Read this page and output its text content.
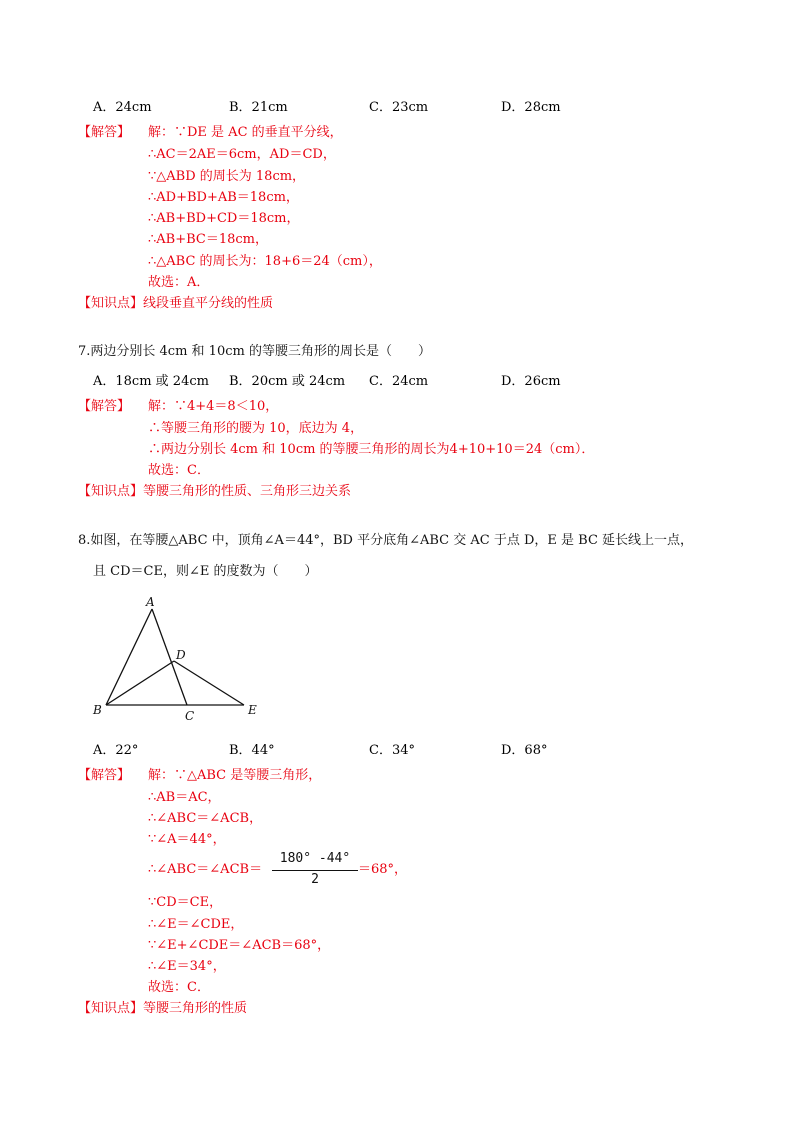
A．24cm	B．21cm	C．23cm	D．28cm
【解答】 解：∵DE 是 AC 的垂直平分线，
∴AC＝2AE＝6cm，AD＝CD，
∵△ABD 的周长为 18cm，
∴AD+BD+AB＝18cm，
∴AB+BD+CD＝18cm，
∴AB+BC＝18cm，
∴△ABC 的周长为：18+6＝24（cm），
故选：A．
【知识点】线段垂直平分线的性质
7.两边分别长 4cm 和 10cm 的等腰三角形的周长是（　　）
A．18cm 或 24cm B．20cm 或 24cm C．24cm	D．26cm
【解答】 解：∵4+4＝8＜10，
∴等腰三角形的腰为 10，底边为 4，
∴两边分别长 4cm 和 10cm 的等腰三角形的周长为4+10+10＝24（cm）．
故选：C．
【知识点】等腰三角形的性质、三角形三边关系
8.如图，在等腰△ABC 中，顶角∠A＝44°，BD 平分底角∠ABC 交 AC 于点 D，E 是 BC 延长线上一点，
且 CD＝CE，则∠E 的度数为（　　）
A
B	C
D
E
A．22°	B．44°	C．34°	D．68°
【解答】 解：∵△ABC 是等腰三角形，
∴AB＝AC，
∴∠ABC＝∠ACB，
∵∠A＝44°，
∴∠ABC＝∠ACB＝
180° -44°
2
＝68°，
∵CD＝CE，
∴∠E＝∠CDE，
∵∠E+∠CDE＝∠ACB＝68°，
∴∠E＝34°，
故选：C．
【知识点】等腰三角形的性质
